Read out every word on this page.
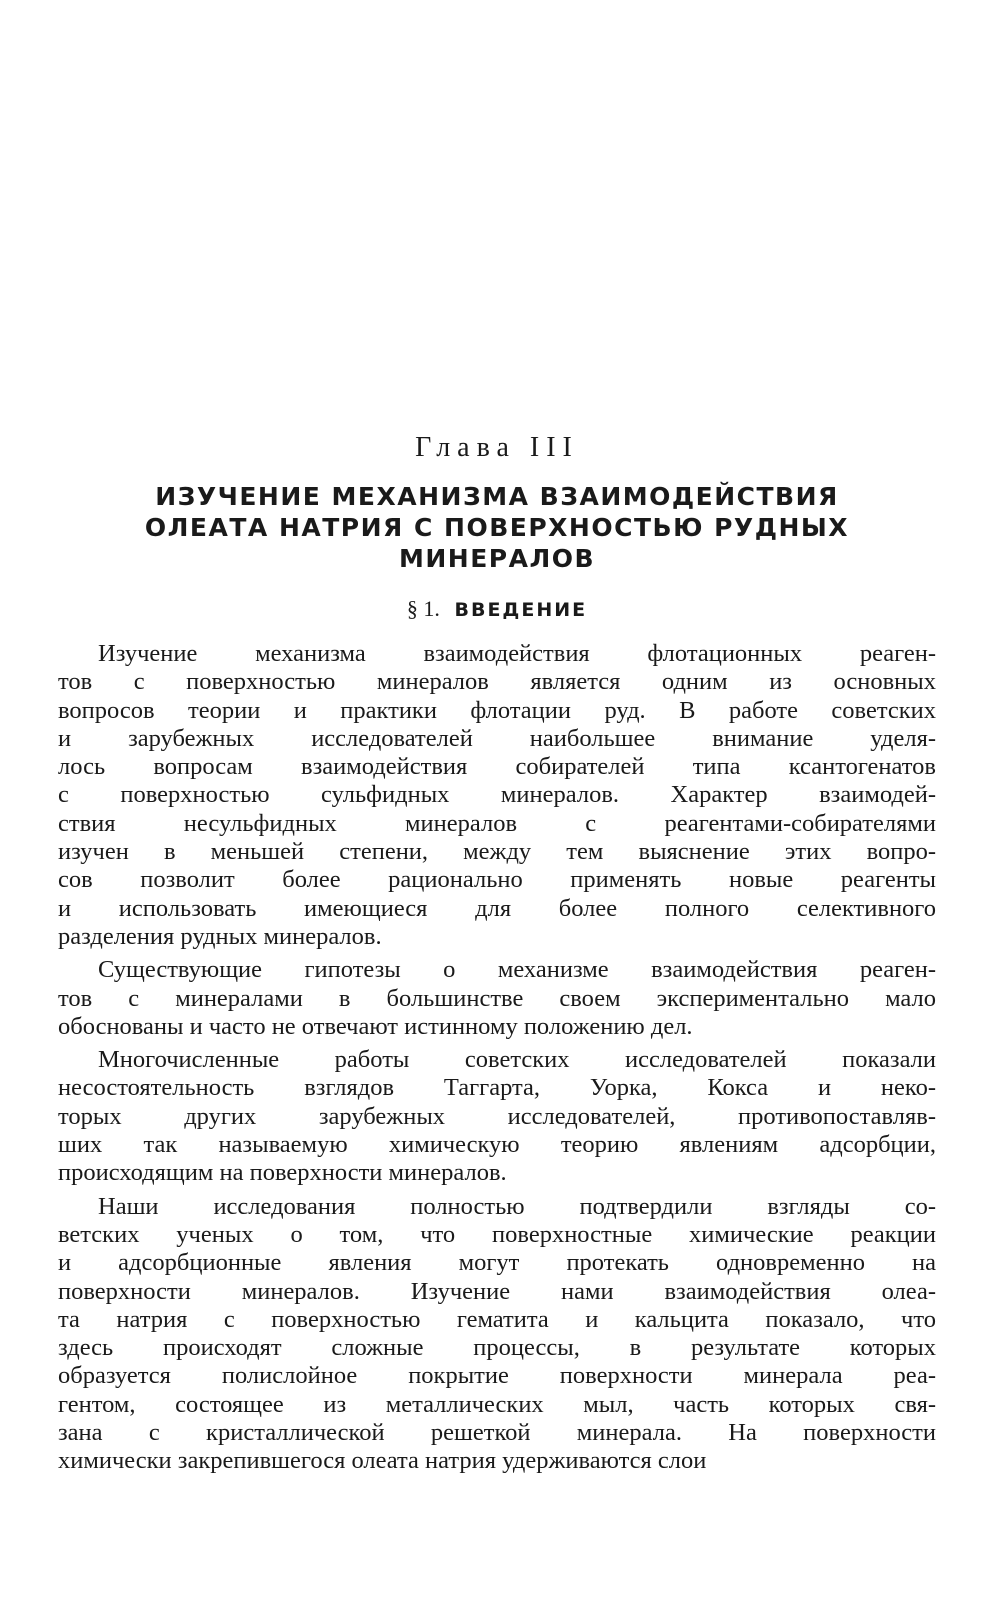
Глава III
ИЗУЧЕНИЕ МЕХАНИЗМА ВЗАИМОДЕЙСТВИЯ
ОЛЕАТА НАТРИЯ С ПОВЕРХНОСТЬЮ РУДНЫХ
МИНЕРАЛОВ
§ 1. ВВЕДЕНИЕ
Изучение механизма взаимодействия флотационных реаген-
тов с поверхностью минералов является одним из основных
вопросов теории и практики флотации руд. В работе советских
и зарубежных исследователей наибольшее внимание уделя-
лось вопросам взаимодействия собирателей типа ксантогенатов
с поверхностью сульфидных минералов. Характер взаимодей-
ствия несульфидных минералов с реагентами-собирателями
изучен в меньшей степени, между тем выяснение этих вопро-
сов позволит более рационально применять новые реагенты
и использовать имеющиеся для более полного селективного
разделения рудных минералов.
Существующие гипотезы о механизме взаимодействия реаген-
тов с минералами в большинстве своем экспериментально мало
обоснованы и часто не отвечают истинному положению дел.
Многочисленные работы советских исследователей показали
несостоятельность взглядов Таггарта, Уорка, Кокса и неко-
торых других зарубежных исследователей, противопоставляв-
ших так называемую химическую теорию явлениям адсорбции,
происходящим на поверхности минералов.
Наши исследования полностью подтвердили взгляды со-
ветских ученых о том, что поверхностные химические реакции
и адсорбционные явления могут протекать одновременно на
поверхности минералов. Изучение нами взаимодействия олеа-
та натрия с поверхностью гематита и кальцита показало, что
здесь происходят сложные процессы, в результате которых
образуется полислойное покрытие поверхности минерала реа-
гентом, состоящее из металлических мыл, часть которых свя-
зана с кристаллической решеткой минерала. На поверхности
химически закрепившегося олеата натрия удерживаются слои
